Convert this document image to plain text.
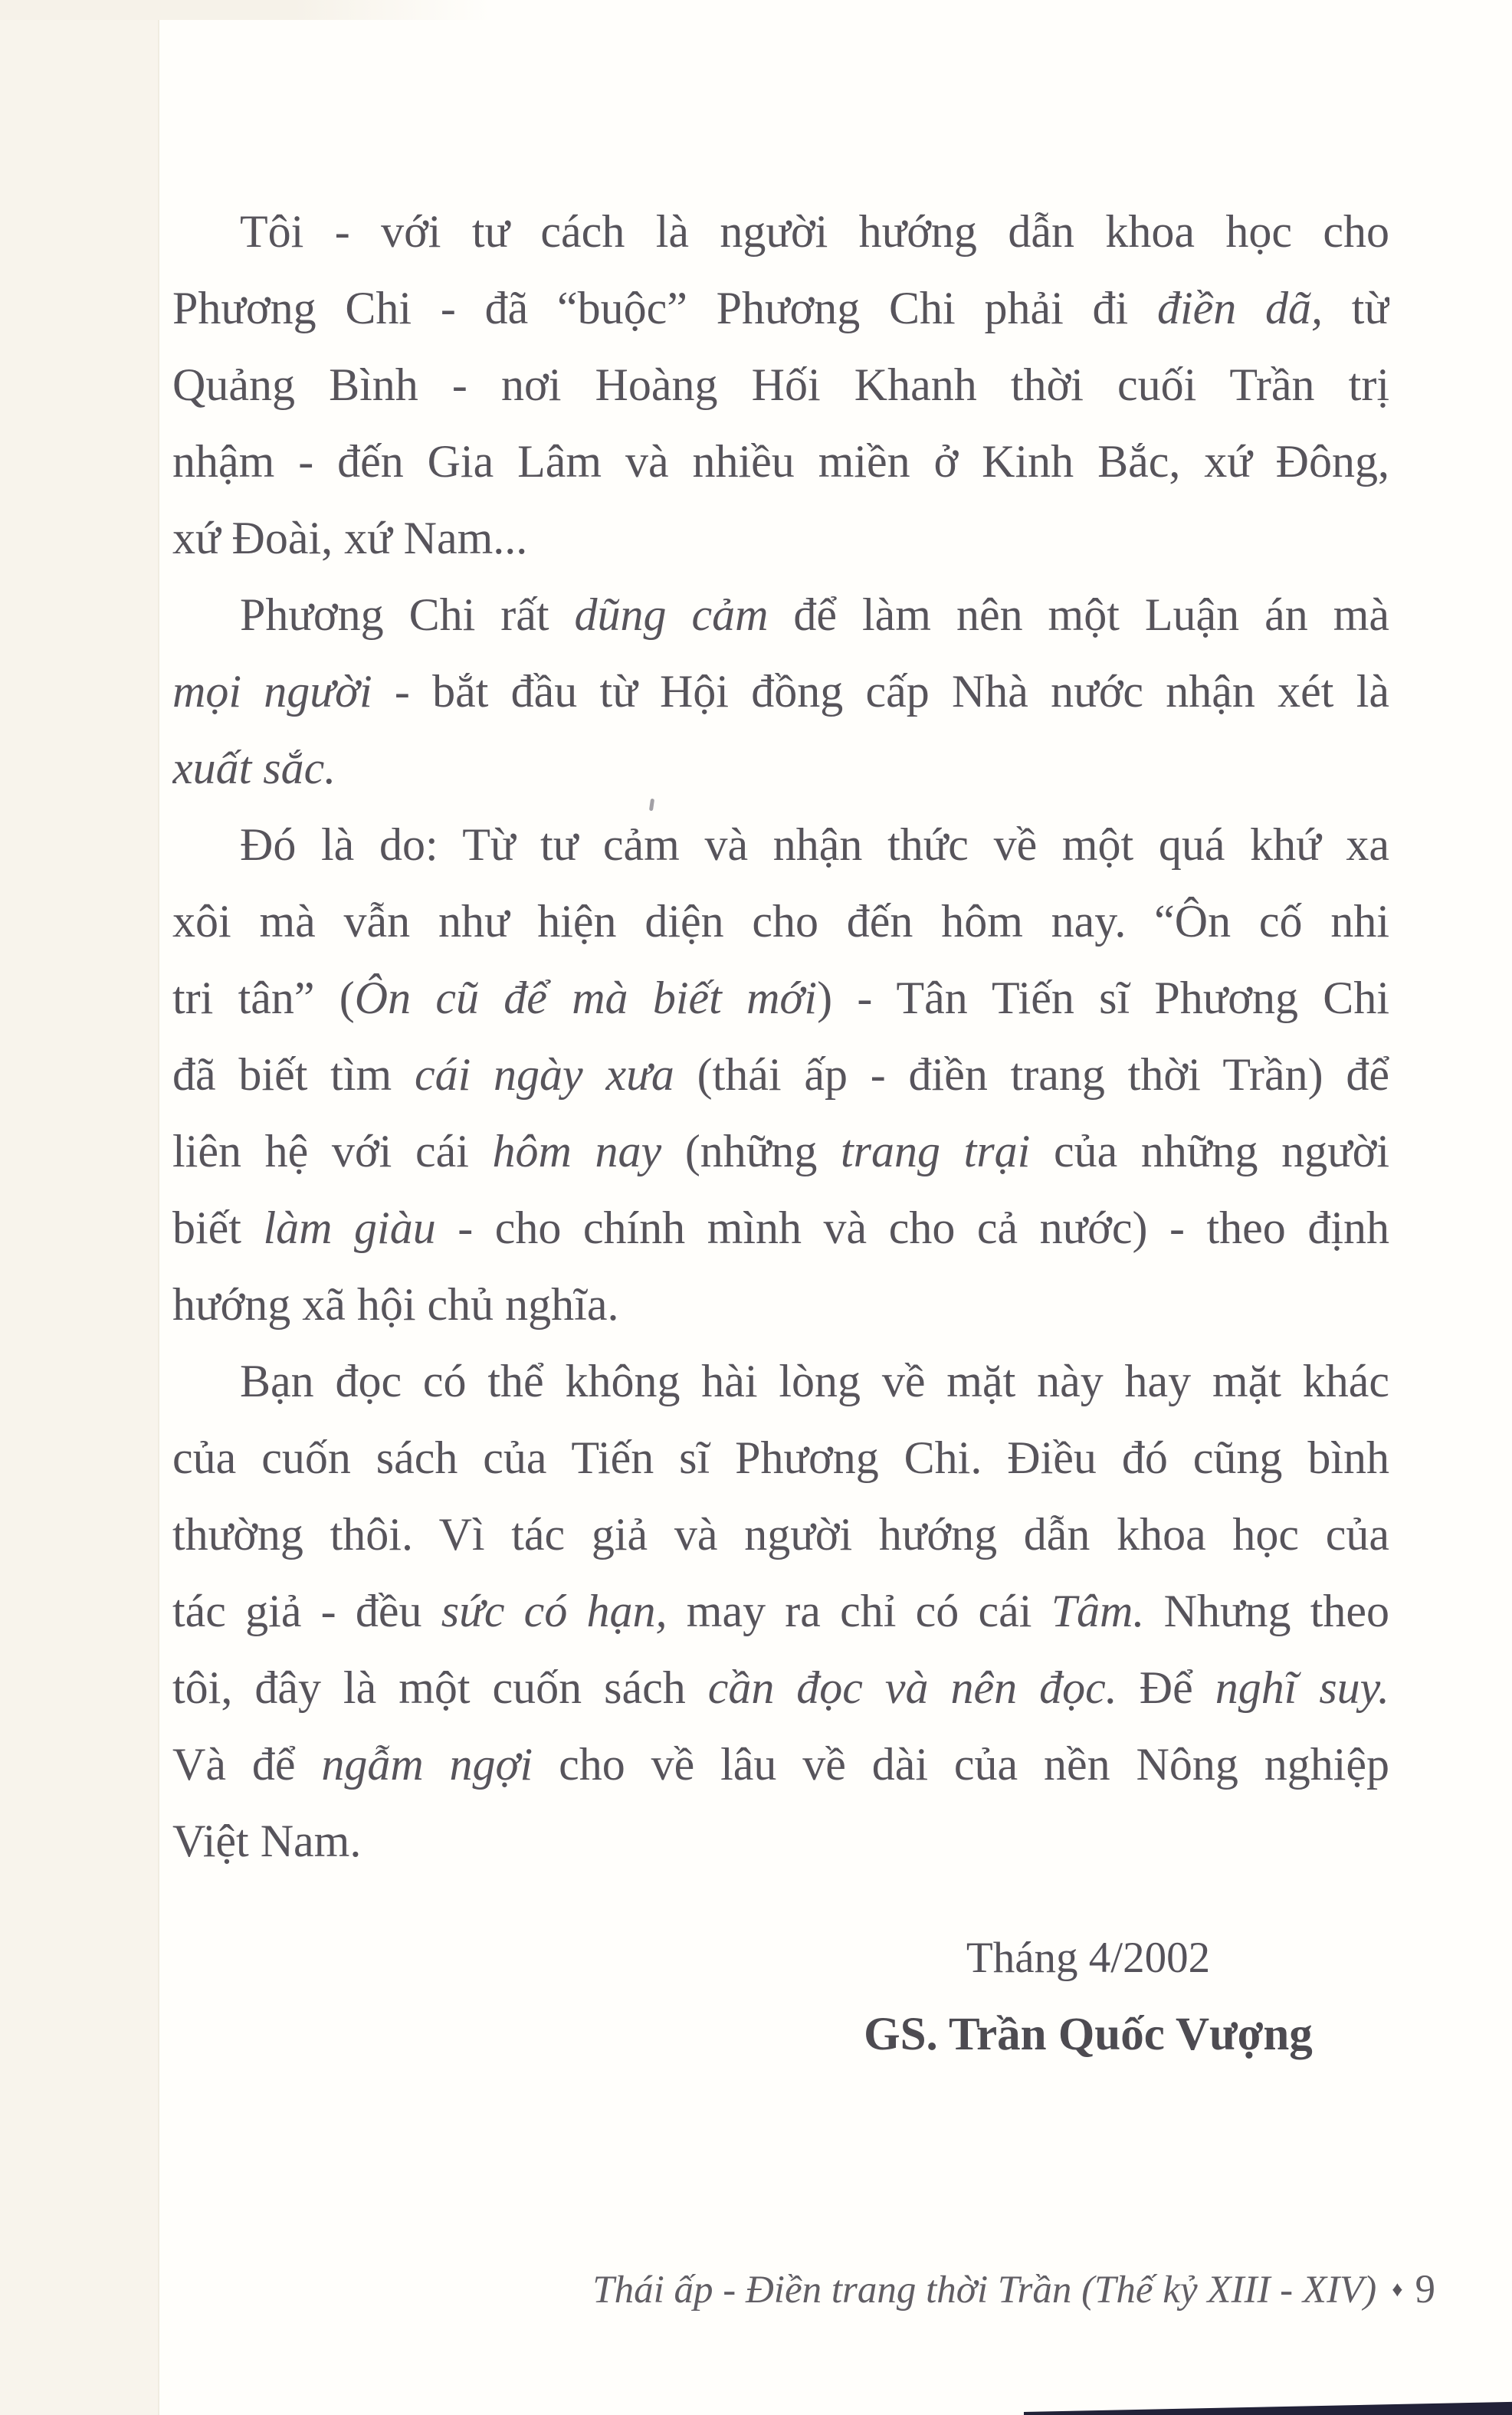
Tôi - với tư cách là người hướng dẫn khoa học cho
Phương Chi - đã “buộc” Phương Chi phải đi điền dã, từ
Quảng Bình - nơi Hoàng Hối Khanh thời cuối Trần trị
nhậm - đến Gia Lâm và nhiều miền ở Kinh Bắc, xứ Đông,
xứ Đoài, xứ Nam...
Phương Chi rất dũng cảm để làm nên một Luận án mà
mọi người - bắt đầu từ Hội đồng cấp Nhà nước nhận xét là
xuất sắc.
Đó là do: Từ tư cảm và nhận thức về một quá khứ xa
xôi mà vẫn như hiện diện cho đến hôm nay. “Ôn cố nhi
tri tân” (Ôn cũ để mà biết mới) - Tân Tiến sĩ Phương Chi
đã biết tìm cái ngày xưa (thái ấp - điền trang thời Trần) để
liên hệ với cái hôm nay (những trang trại của những người
biết làm giàu - cho chính mình và cho cả nước) - theo định
hướng xã hội chủ nghĩa.
Bạn đọc có thể không hài lòng về mặt này hay mặt khác
của cuốn sách của Tiến sĩ Phương Chi. Điều đó cũng bình
thường thôi. Vì tác giả và người hướng dẫn khoa học của
tác giả - đều sức có hạn, may ra chỉ có cái Tâm. Nhưng theo
tôi, đây là một cuốn sách cần đọc và nên đọc. Để nghĩ suy.
Và để ngẫm ngợi cho về lâu về dài của nền Nông nghiệp
Việt Nam.
Tháng 4/2002
GS. Trần Quốc Vượng
Thái ấp - Điền trang thời Trần (Thế kỷ XIII - XIV) ♦ 9
